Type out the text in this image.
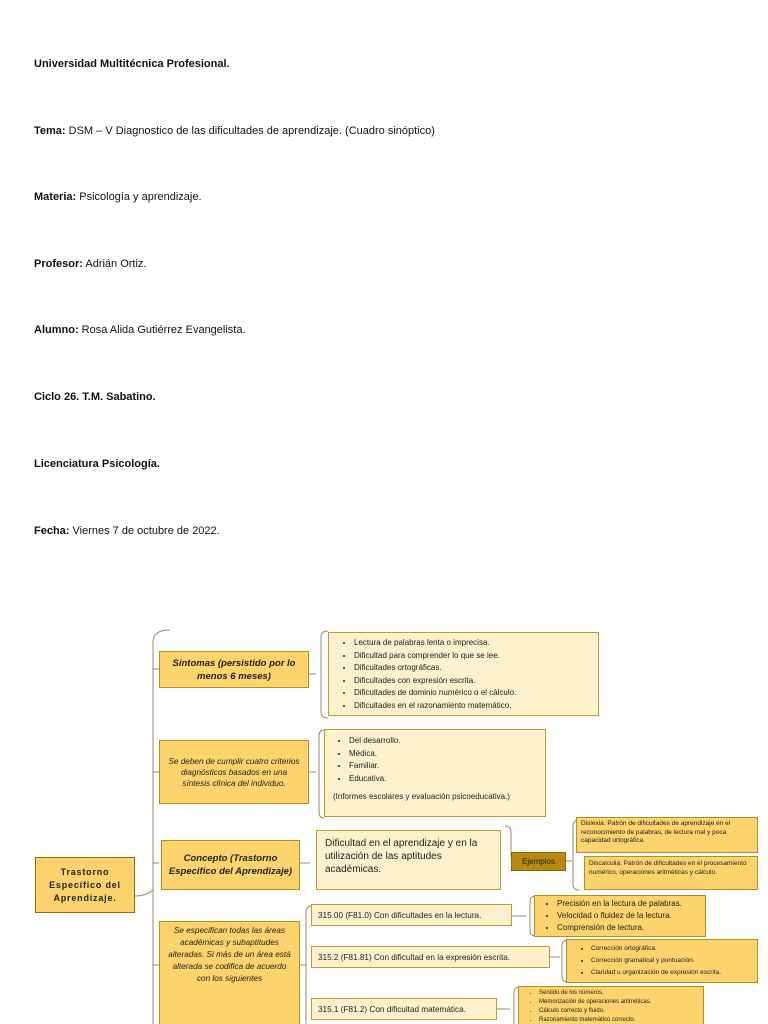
Universidad Multitécnica Profesional.
Tema: DSM – V Diagnostico de las dificultades de aprendizaje. (Cuadro sinóptico)
Materia: Psicología y aprendizaje.
Profesor: Adrián Ortiz.
Alumno: Rosa Alida Gutiérrez Evangelista.
Ciclo 26. T.M. Sabatino.
Licenciatura Psicología.
Fecha: Viernes 7 de octubre de 2022.
Trastorno Específico del Aprendizaje.
Síntomas (persistido por lo menos 6 meses)
• Lectura de palabras lenta o imprecisa.
• Dificultad para comprender lo que se lee.
• Dificultades ortográficas.
• Dificultades con expresión escrita.
• Dificultades de dominio numérico o el cálculo.
• Dificultades en el razonamiento matemático.
Se deben de cumplir cuatro criterios diagnósticos basados en una síntesis clínica del individuo.
• Del desarrollo.
• Médica.
• Familiar.
• Educativa.
(Informes escolares y evaluación psicoeducativa.)
Concepto (Trastorno Específico del Aprendizaje)
Dificultad en el aprendizaje y en la utilización de las aptitudes académicas.
Ejemplos
Dislexia: Patrón de dificultades de aprendizaje en el reconocimiento de palabras, de lectura mal y poca capacidad ortográfica.
Discalculia: Patrón de dificultades en el procesamiento numérico, operaciones aritméticas y cálculo.
Se especifican todas las áreas académicas y subaptitudes alteradas. Si más de un área está alterada se codifica de acuerdo con los siguientes
315.00 (F81.0) Con dificultades en la lectura.
• Precisión en la lectura de palabras.
• Velocidad o fluidez de la lectura.
• Comprensión de lectura.
315.2 (F81.81) Con dificultad en la expresión escrita.
• Corrección ortográfica.
• Corrección gramatical y puntuación.
• Claridad u organización de expresión escrita.
315.1 (F81.2) Con dificultad matemática.
• Sentido de los números.
• Memorización de operaciones aritméticas.
• Cálculo correcto y fluido.
• Razonamiento matemático correcto.
